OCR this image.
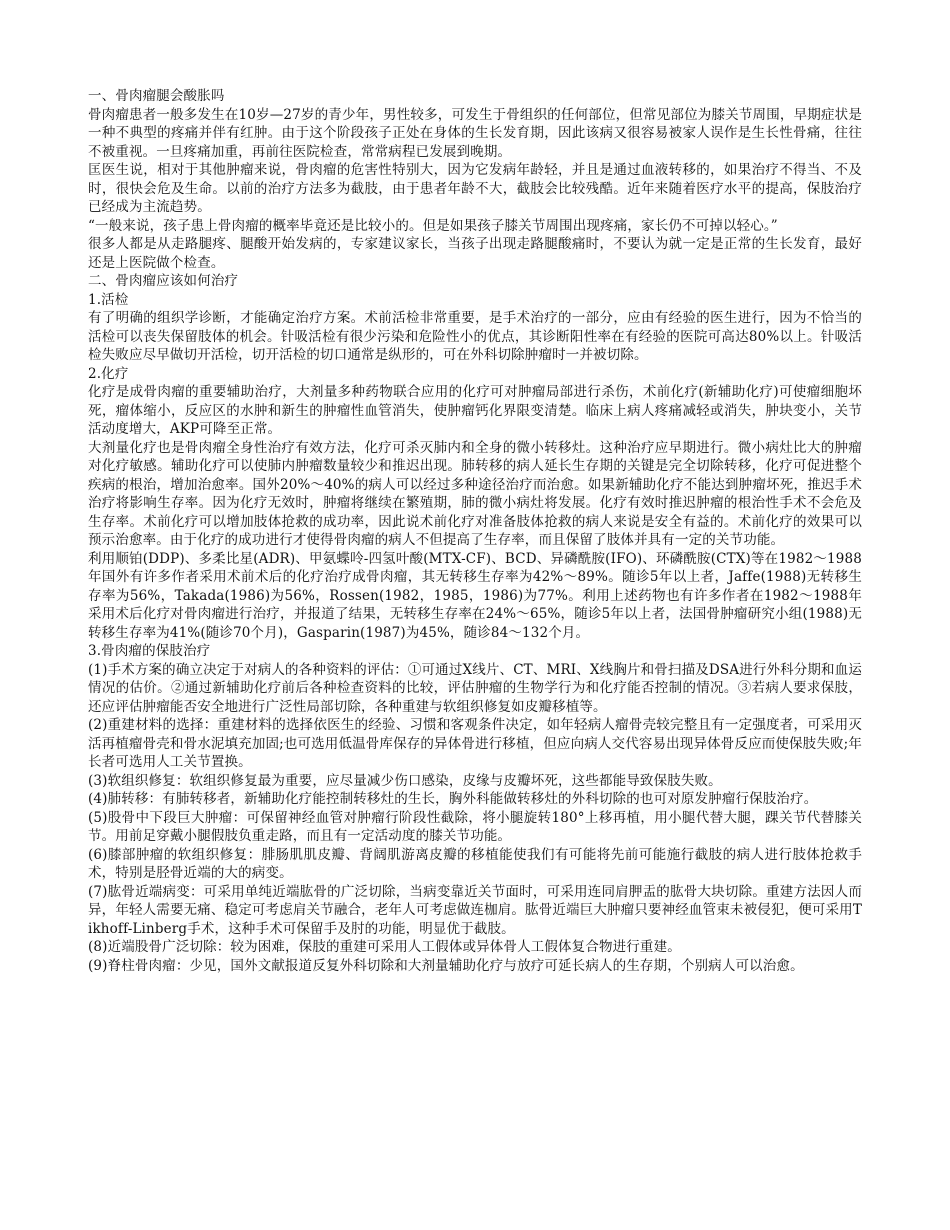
一、骨肉瘤腿会酸胀吗

骨肉瘤患者一般多发生在10岁—27岁的青少年，男性较多，可发生于骨组织的任何部位，但常见部位为膝关节周围，早期症状是一种不典型的疼痛并伴有红肿。由于这个阶段孩子正处在身体的生长发育期，因此该病又很容易被家人误作是生长性骨痛，往往不被重视。一旦疼痛加重，再前往医院检查，常常病程已发展到晚期。

匡医生说，相对于其他肿瘤来说，骨肉瘤的危害性特别大，因为它发病年龄轻，并且是通过血液转移的，如果治疗不得当、不及时，很快会危及生命。以前的治疗方法多为截肢，由于患者年龄不大，截肢会比较残酷。近年来随着医疗水平的提高，保肢治疗已经成为主流趋势。

“一般来说，孩子患上骨肉瘤的概率毕竟还是比较小的。但是如果孩子膝关节周围出现疼痛，家长仍不可掉以轻心。”

很多人都是从走路腿疼、腿酸开始发病的，专家建议家长，当孩子出现走路腿酸痛时，不要认为就一定是正常的生长发育，最好还是上医院做个检查。

二、骨肉瘤应该如何治疗

1.活检

有了明确的组织学诊断，才能确定治疗方案。术前活检非常重要，是手术治疗的一部分，应由有经验的医生进行，因为不恰当的活检可以丧失保留肢体的机会。针吸活检有很少污染和危险性小的优点，其诊断阳性率在有经验的医院可高达80%以上。针吸活检失败应尽早做切开活检，切开活检的切口通常是纵形的，可在外科切除肿瘤时一并被切除。

2.化疗

化疗是成骨肉瘤的重要辅助治疗，大剂量多种药物联合应用的化疗可对肿瘤局部进行杀伤，术前化疗(新辅助化疗)可使瘤细胞坏死，瘤体缩小，反应区的水肿和新生的肿瘤性血管消失，使肿瘤钙化界限变清楚。临床上病人疼痛减轻或消失，肿块变小，关节活动度增大，AKP可降至正常。

大剂量化疗也是骨肉瘤全身性治疗有效方法，化疗可杀灭肺内和全身的微小转移灶。这种治疗应早期进行。微小病灶比大的肿瘤对化疗敏感。辅助化疗可以使肺内肿瘤数量较少和推迟出现。肺转移的病人延长生存期的关键是完全切除转移，化疗可促进整个疾病的根治，增加治愈率。国外20%～40%的病人可以经过多种途径治疗而治愈。如果新辅助化疗不能达到肿瘤坏死，推迟手术治疗将影响生存率。因为化疗无效时，肿瘤将继续在繁殖期，肺的微小病灶将发展。化疗有效时推迟肿瘤的根治性手术不会危及生存率。术前化疗可以增加肢体抢救的成功率，因此说术前化疗对准备肢体抢救的病人来说是安全有益的。术前化疗的效果可以预示治愈率。由于化疗的成功进行才使得骨肉瘤的病人不但提高了生存率，而且保留了肢体并具有一定的关节功能。

利用顺铂(DDP)、多柔比星(ADR)、甲氨蝶呤-四氢叶酸(MTX-CF)、BCD、异磷酰胺(IFO)、环磷酰胺(CTX)等在1982～1988年国外有许多作者采用术前术后的化疗治疗成骨肉瘤，其无转移生存率为42%～89%。随诊5年以上者，Jaffe(1988)无转移生存率为56%，Takada(1986)为56%，Rossen(1982，1985，1986)为77%。利用上述药物也有许多作者在1982～1988年采用术后化疗对骨肉瘤进行治疗，并报道了结果，无转移生存率在24%～65%，随诊5年以上者，法国骨肿瘤研究小组(1988)无转移生存率为41%(随诊70个月)，Gasparin(1987)为45%，随诊84～132个月。

3.骨肉瘤的保肢治疗

(1)手术方案的确立决定于对病人的各种资料的评估：①可通过X线片、CT、MRI、X线胸片和骨扫描及DSA进行外科分期和血运情况的估价。②通过新辅助化疗前后各种检查资料的比较，评估肿瘤的生物学行为和化疗能否控制的情况。③若病人要求保肢，还应评估肿瘤能否安全地进行广泛性局部切除，各种重建与软组织修复如皮瓣移植等。

(2)重建材料的选择：重建材料的选择依医生的经验、习惯和客观条件决定，如年轻病人瘤骨壳较完整且有一定强度者，可采用灭活再植瘤骨壳和骨水泥填充加固;也可选用低温骨库保存的异体骨进行移植，但应向病人交代容易出现异体骨反应而使保肢失败;年长者可选用人工关节置换。

(3)软组织修复：软组织修复最为重要，应尽量减少伤口感染，皮缘与皮瓣坏死，这些都能导致保肢失败。

(4)肺转移：有肺转移者，新辅助化疗能控制转移灶的生长，胸外科能做转移灶的外科切除的也可对原发肿瘤行保肢治疗。

(5)股骨中下段巨大肿瘤：可保留神经血管对肿瘤行阶段性截除，将小腿旋转180°上移再植，用小腿代替大腿，踝关节代替膝关节。用前足穿戴小腿假肢负重走路，而且有一定活动度的膝关节功能。

(6)膝部肿瘤的软组织修复：腓肠肌肌皮瓣、背阔肌游离皮瓣的移植能使我们有可能将先前可能施行截肢的病人进行肢体抢救手术，特别是胫骨近端的大的病变。

(7)肱骨近端病变：可采用单纯近端肱骨的广泛切除，当病变靠近关节面时，可采用连同肩胛盂的肱骨大块切除。重建方法因人而异，年轻人需要无痛、稳定可考虑肩关节融合，老年人可考虑做连枷肩。肱骨近端巨大肿瘤只要神经血管束未被侵犯，便可采用Tikhoff-Linberg手术，这种手术可保留手及肘的功能，明显优于截肢。

(8)近端股骨广泛切除：较为困难，保肢的重建可采用人工假体或异体骨人工假体复合物进行重建。

(9)脊柱骨肉瘤：少见，国外文献报道反复外科切除和大剂量辅助化疗与放疗可延长病人的生存期，个别病人可以治愈。
